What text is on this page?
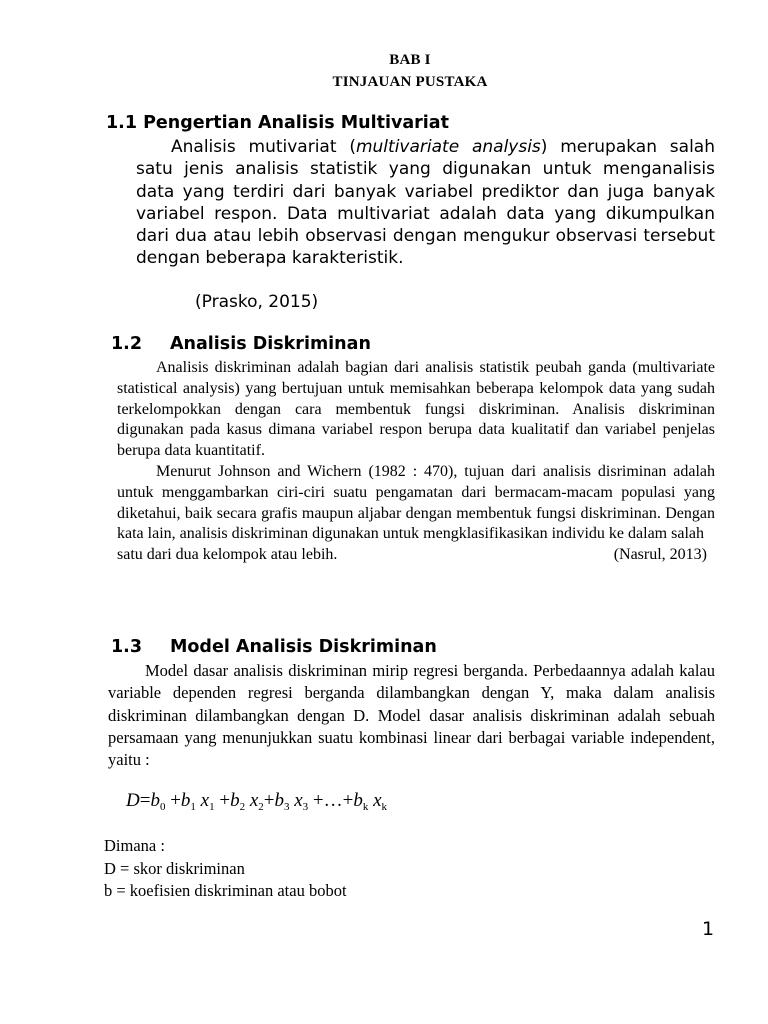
BAB I
TINJAUAN PUSTAKA
1.1 Pengertian Analisis Multivariat

Analisis mutivariat (multivariate analysis) merupakan salah satu jenis analisis statistik yang digunakan untuk menganalisis data yang terdiri dari banyak variabel prediktor dan juga banyak variabel respon. Data multivariat adalah data yang dikumpulkan dari dua atau lebih observasi dengan mengukur observasi tersebut dengan beberapa karakteristik.

(Prasko, 2015)
1.2 Analisis Diskriminan

Analisis diskriminan adalah bagian dari analisis statistik peubah ganda (multivariate statistical analysis) yang bertujuan untuk memisahkan beberapa kelompok data yang sudah terkelompokkan dengan cara membentuk fungsi diskriminan. Analisis diskriminan digunakan pada kasus dimana variabel respon berupa data kualitatif dan variabel penjelas berupa data kuantitatif.

Menurut Johnson and Wichern (1982 : 470), tujuan dari analisis disriminan adalah untuk menggambarkan ciri-ciri suatu pengamatan dari bermacam-macam populasi yang diketahui, baik secara grafis maupun aljabar dengan membentuk fungsi diskriminan. Dengan kata lain, analisis diskriminan digunakan untuk mengklasifikasikan individu ke dalam salah

satu dari dua kelompok atau lebih.	(Nasrul, 2013)
1.3 Model Analisis Diskriminan

Model dasar analisis diskriminan mirip regresi berganda. Perbedaannya adalah kalau variable dependen regresi berganda dilambangkan dengan Y, maka dalam analisis diskriminan dilambangkan dengan D. Model dasar analisis diskriminan adalah sebuah persamaan yang menunjukkan suatu kombinasi linear dari berbagai variable independent, yaitu :

$D=b_0 +b_1$ $x_1 +b_2$ $x_2+b_3$ $x_3$ $+\dots+b_k$ $x_k$
Dimana :
D = skor diskriminan
b = koefisien diskriminan atau bobot
1
